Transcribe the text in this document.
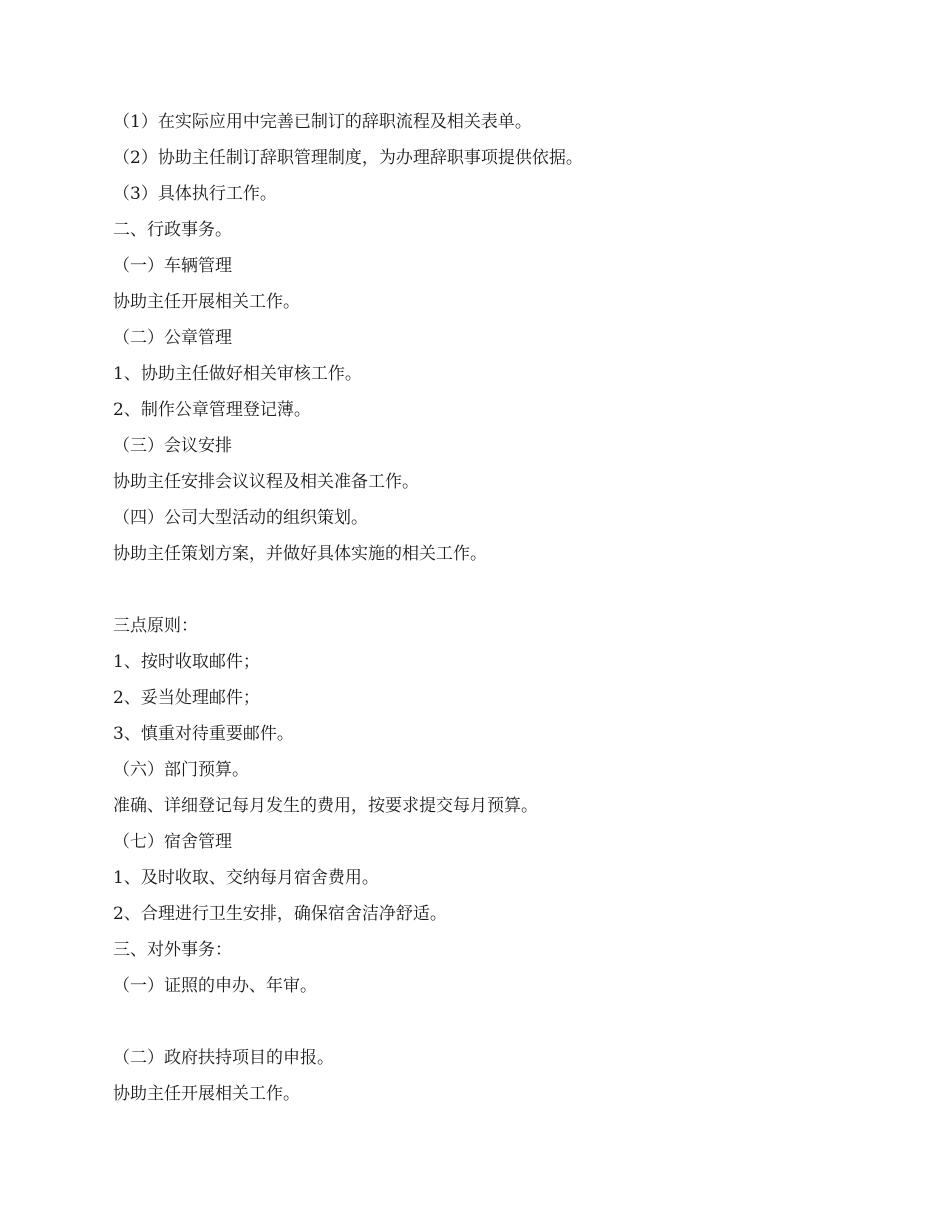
（1）在实际应用中完善已制订的辞职流程及相关表单。
（2）协助主任制订辞职管理制度，为办理辞职事项提供依据。
（3）具体执行工作。
二、行政事务。
（一）车辆管理
协助主任开展相关工作。
（二）公章管理
1、协助主任做好相关审核工作。
2、制作公章管理登记薄。
（三）会议安排
协助主任安排会议议程及相关准备工作。
（四）公司大型活动的组织策划。
协助主任策划方案，并做好具体实施的相关工作。
三点原则：
1、按时收取邮件；
2、妥当处理邮件；
3、慎重对待重要邮件。
（六）部门预算。
准确、详细登记每月发生的费用，按要求提交每月预算。
（七）宿舍管理
1、及时收取、交纳每月宿舍费用。
2、合理进行卫生安排，确保宿舍洁净舒适。
三、对外事务：
（一）证照的申办、年审。
（二）政府扶持项目的申报。
协助主任开展相关工作。
